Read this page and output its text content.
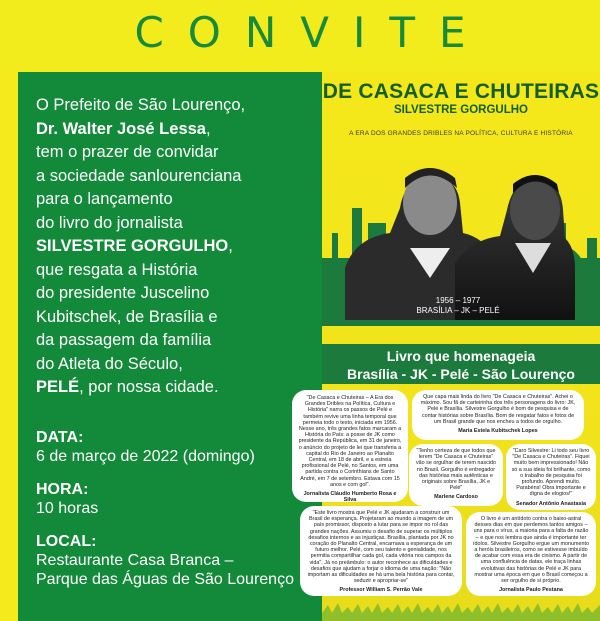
CONVITE
O Prefeito de São Lourenço,
Dr. Walter José Lessa,
tem o prazer de convidar
a sociedade sanlourenciana
para o lançamento
do livro do jornalista
SILVESTRE GORGULHO,
que resgata a História
do presidente Juscelino
Kubitschek, de Brasília e
da passagem da família
do Atleta do Século,
PELÉ, por nossa cidade.
DATA:
6 de março de 2022 (domingo)
HORA:
10 horas
LOCAL:
Restaurante Casa Branca –
Parque das Águas de São Lourenço
DE CASACA E CHUTEIRAS
SILVESTRE GORGULHO
A ERA DOS GRANDES DRIBLES NA POLÍTICA, CULTURA E HISTÓRIA
1956 – 1977
BRASÍLIA – JK – PELÉ
Livro que homenageia
Brasília - JK - Pelé - São Lourenço
"De Casaca e Chuteiras – A Era dos Grandes Dribles na Política, Cultura e História" narra os passos de Pelé e também revive uma linha temporal que permeia todo o texto, iniciada em 1956. Nesse ano, três grandes fatos marcaram a História do País: a posse de JK como presidente da República, em 31 de janeiro, o anúncio do projeto de lei que transferia a capital do Rio de Janeiro ao Planalto Central, em 18 de abril, e a estreia profissional de Pelé, no Santos, em uma partida contra o Corinthians de Santo André, em 7 de setembro. Estava com 15 anos e com gol".
Jornalista Cláudio Humberto Rosa e Silva
Que capa mais linda do livro "De Casaca e Chuteiras". Achei o máximo. Sou fã de carteirinha dos três personagens do livro: JK, Pelé e Brasília. Silvestre Gorgulho é bom de pesquisa e de contar histórias sobre Brasília. Bom de resgatar fatos e fotos de um Brasil grande que nos encheu a todos de orgulho.
Maria Estela Kubitschek Lopes
"Tenho certeza de que todos que lerem "De Casaca e Chuteiras" vão se orgulhar de terem nascido no Brasil. Gorgulho é entregador das histórias mais autênticas e originais sobre Brasília, JK e Pelé"
Marlene Cardoso
"Caro Silvestre: Li todo seu livro "De Casaca e Chuteiras". Fiquei muito bem impressionado! Não só a sua ideia foi brilhante, como o trabalho de pesquisa foi profundo. Aprendi muito. Parabéns! Obra importante e digna de elogios!"
Senador Antônio Anastasia
"Este livro mostra que Pelé e JK ajudaram a construir um Brasil de esperança. Projetaram ao mundo a imagem de um país promissor, disposto a lutar para se impor no rol das grandes nações. Assumiu o desafio de superar os múltiplos desafios internos e as injustiças. Brasília, plantada por JK no coração do Planalto Central, encarnava a esperança de um futuro melhor. Pelé, com seu talento e genialidade, nos permitia compartilhar cada gol, cada vitória nos campos da vida". Já no preâmbulo: o autor reconhece as dificuldades e desafios que ajudam a forjar o idioma de uma nação: "Não importam as dificuldades se há uma bela história para contar, seduzir e apropriar-se"
Professor William S. Perrão Vale
O livro é um antídoto contra o baixo-astral desses dias em que perdemos tantos amigos – uns para o vírus, a maioria para a falta de razão – e que nos lembra que ainda é importante ter ídolos. Silvestre Gorgulho ergue um monumento a heróis brasileiros, como se estivesse imbuído de acabar com essa era de cinismo. A partir de uma confluência de datas, ele traça linhas evolutivas das histórias de Pelé e JK para mostrar uma época em que o Brasil começou a ser orgulho de si próprio.
Jornalista Paulo Pestana
